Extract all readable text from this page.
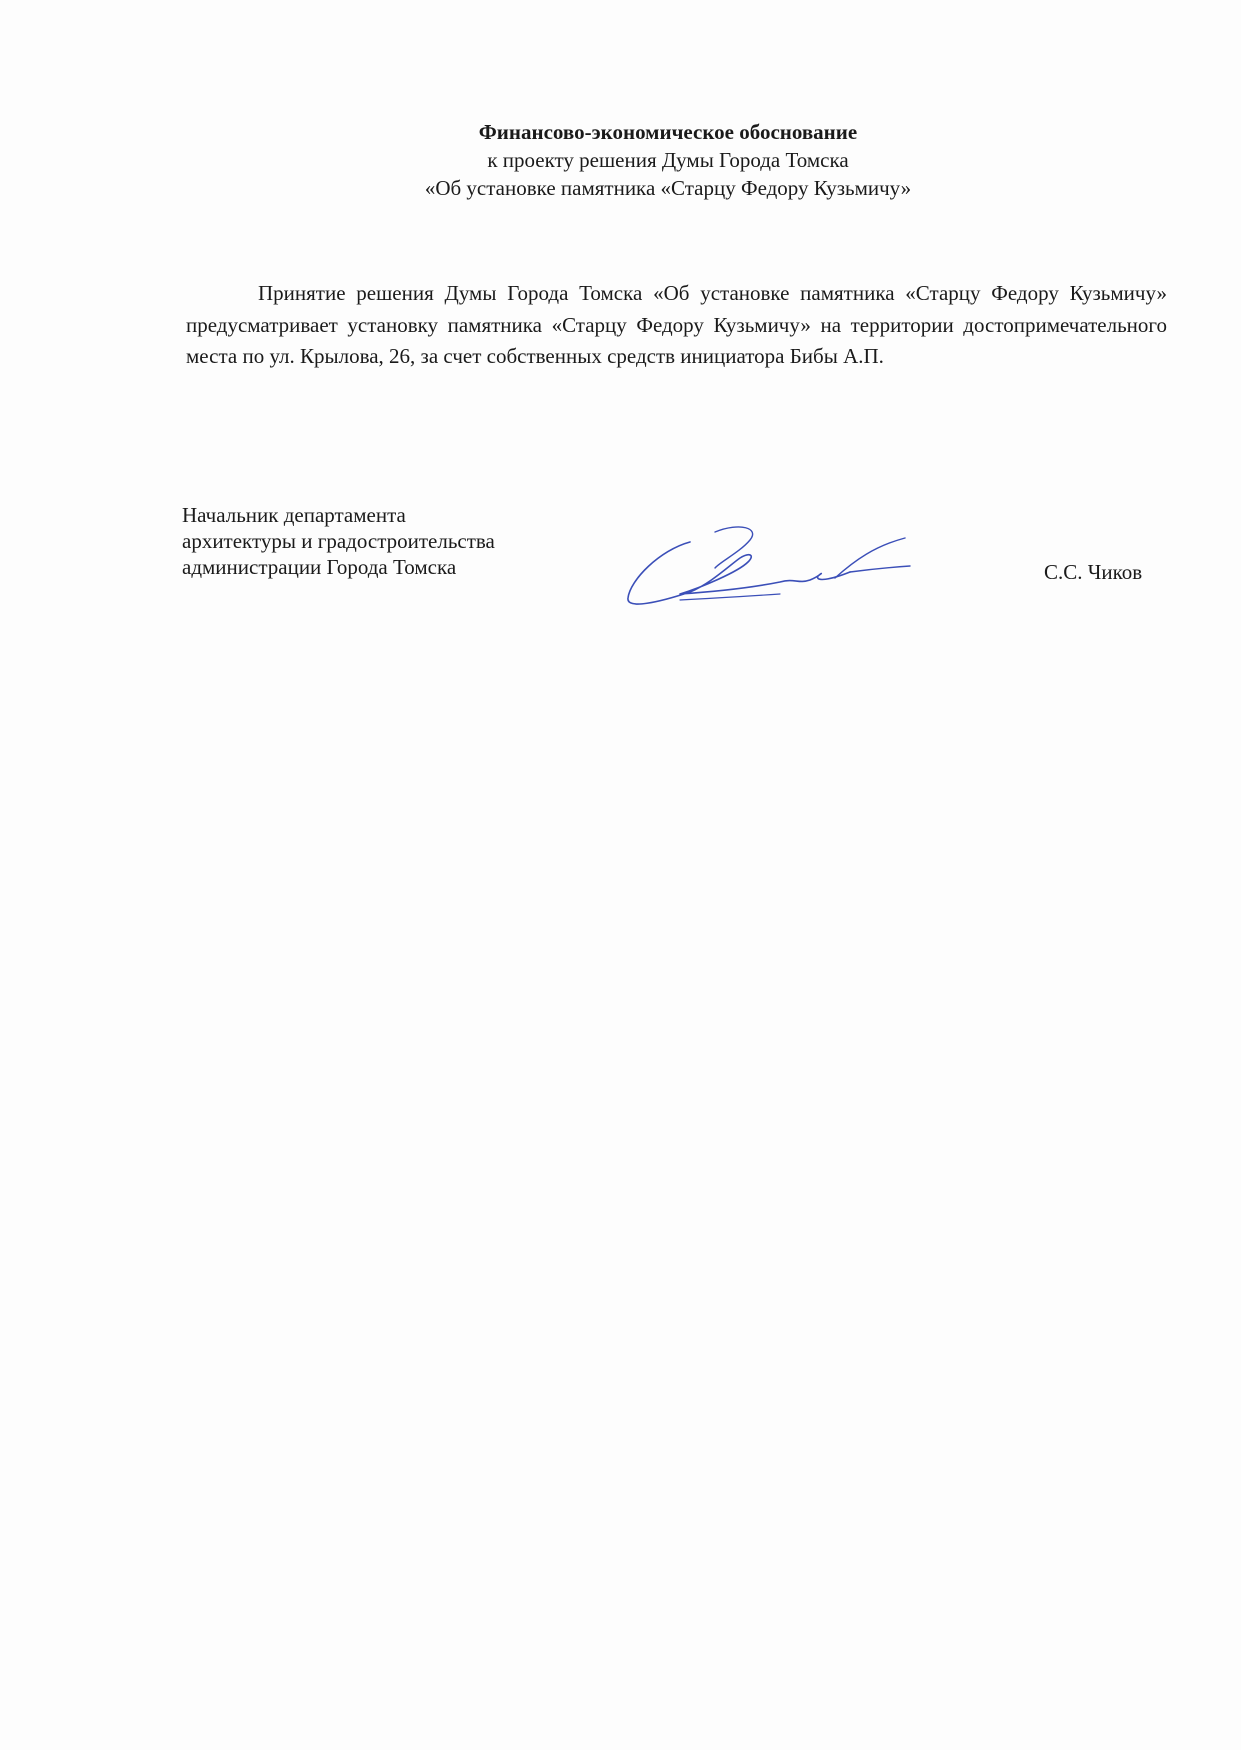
Финансово-экономическое обоснование
к проекту решения Думы Города Томска
«Об установке памятника «Старцу Федору Кузьмичу»

Принятие решения Думы Города Томска «Об установке памятника «Старцу Федору Кузьмичу» предусматривает установку памятника «Старцу Федору Кузьмичу» на территории достопримечательного места по ул. Крылова, 26, за счет собственных средств инициатора Бибы А.П.

Начальник департамента
архитектуры и градостроительства
администрации Города Томска	С.С. Чиков
